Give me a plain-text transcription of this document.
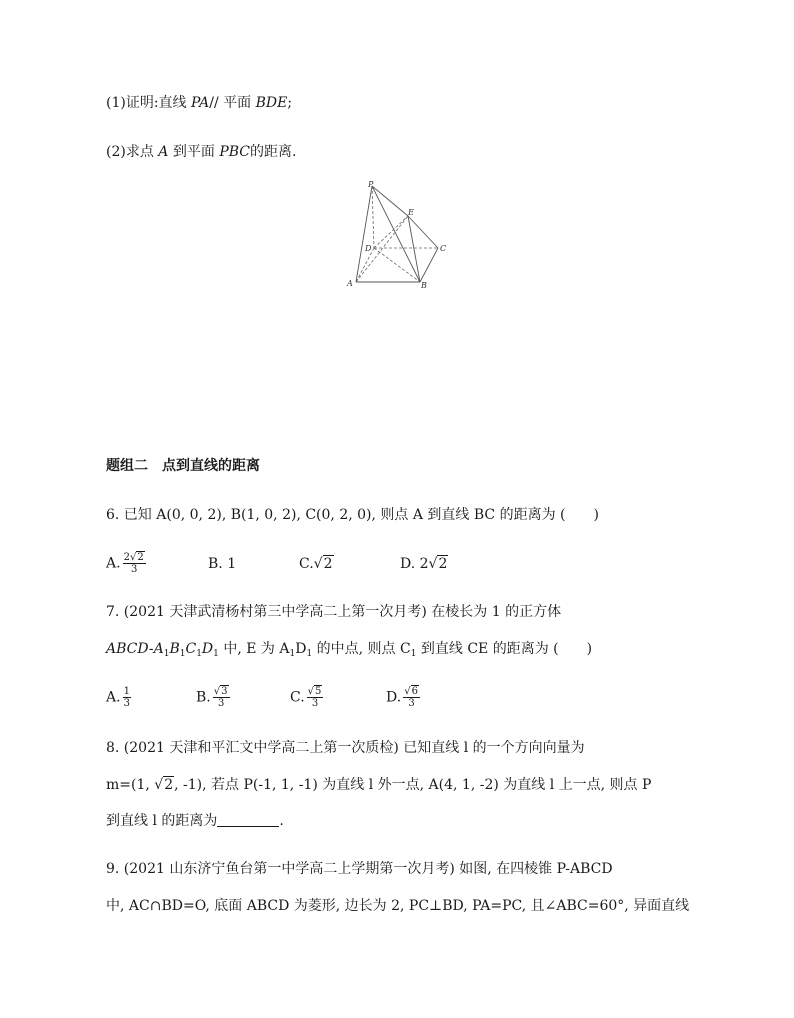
(1)证明:直线 PA// 平面 BDE;
(2)求点 A 到平面 PBC的距离.
P
E
D	C
A	B
题组二　点到直线的距离
6. 已知 A(0, 0, 2), B(1, 0, 2), C(0, 2, 0), 则点 A 到直线 BC 的距离为 (　　)
A. $\frac{2√2}{3}$	B. 1	C.√2	D. 2√2
7. (2021 天津武清杨村第三中学高二上第一次月考) 在棱长为 1 的正方体
ABCD-$A_1B_1C_1D_1$ 中, E 为 $A_1D_1$ 的中点, 则点 $C_1$ 到直线 CE 的距离为 (　　)
A. $\frac{1}{3}$	B. $\frac{√3}{3}$	C. $\frac{√5}{3}$	D. $\frac{√6}{3}$
8. (2021 天津和平汇文中学高二上第一次质检) 已知直线 l 的一个方向向量为
m=(1, √2, -1), 若点 P(-1, 1, -1) 为直线 l 外一点, A(4, 1, -2) 为直线 l 上一点, 则点 P
到直线 l 的距离为	.
9. (2021 山东济宁鱼台第一中学高二上学期第一次月考) 如图, 在四棱锥 P-ABCD
中, AC∩BD=O, 底面 ABCD 为菱形, 边长为 2, PC⊥BD, PA=PC, 且∠ABC=60°, 异面直线
